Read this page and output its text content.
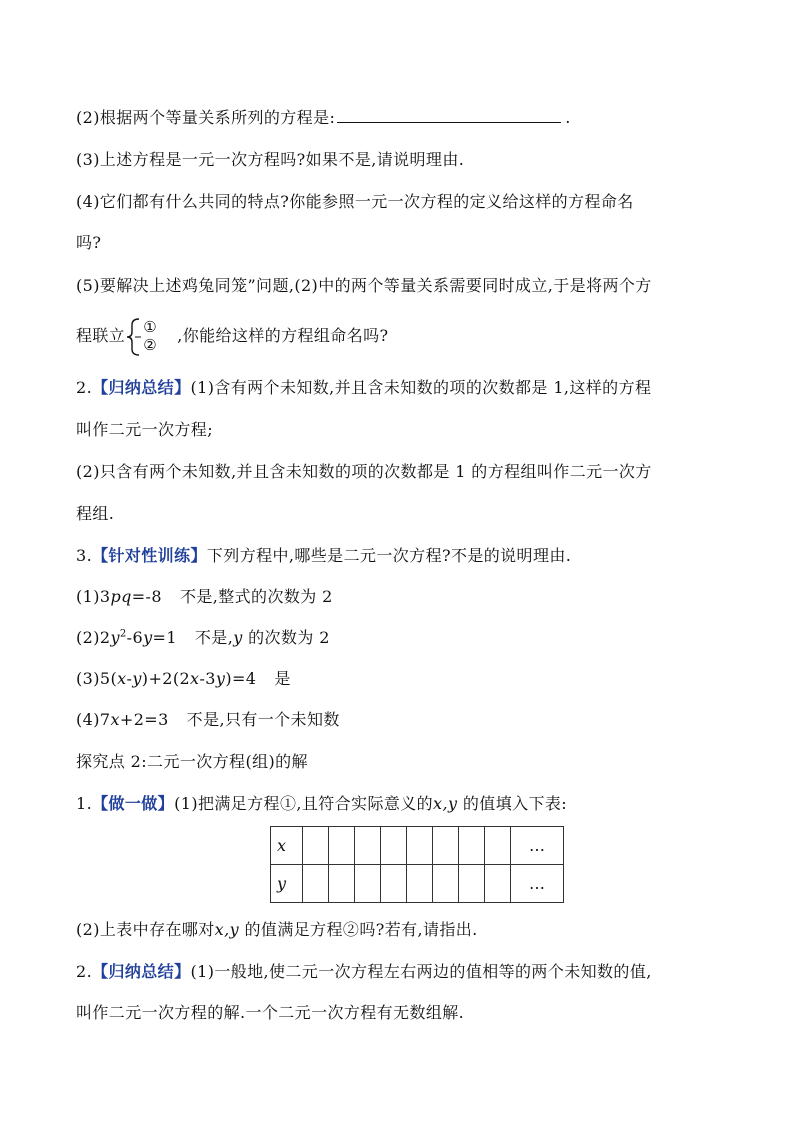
(2)根据两个等量关系所列的方程是:	.
(3)上述方程是一元一次方程吗?如果不是,请说明理由.
(4)它们都有什么共同的特点?你能参照一元一次方程的定义给这样的方程命名
吗?
(5)要解决上述鸡兔同笼”问题,(2)中的两个等量关系需要同时成立,于是将两个方
程联立 ①
② ,你能给这样的方程组命名吗?
2.【归纳总结】(1)含有两个未知数,并且含未知数的项的次数都是 1,这样的方程
叫作二元一次方程;
(2)只含有两个未知数,并且含未知数的项的次数都是 1 的方程组叫作二元一次方
程组.
3.【针对性训练】下列方程中,哪些是二元一次方程?不是的说明理由.
(1)3pq=-8 不是,整式的次数为 2
$(2)2y^2-6y=1$ 不是,y 的次数为 2
(3)5(x-y)+2(2x-3y)=4 是
(4)7x+2=3 不是,只有一个未知数
探究点 2:二元一次方程(组)的解
1.【做一做】(1)把满足方程①,且符合实际意义的x,y 的值填入下表:
x									…
y									…
(2)上表中存在哪对x,y 的值满足方程②吗?若有,请指出.
2.【归纳总结】(1)一般地,使二元一次方程左右两边的值相等的两个未知数的值,
叫作二元一次方程的解.一个二元一次方程有无数组解.
